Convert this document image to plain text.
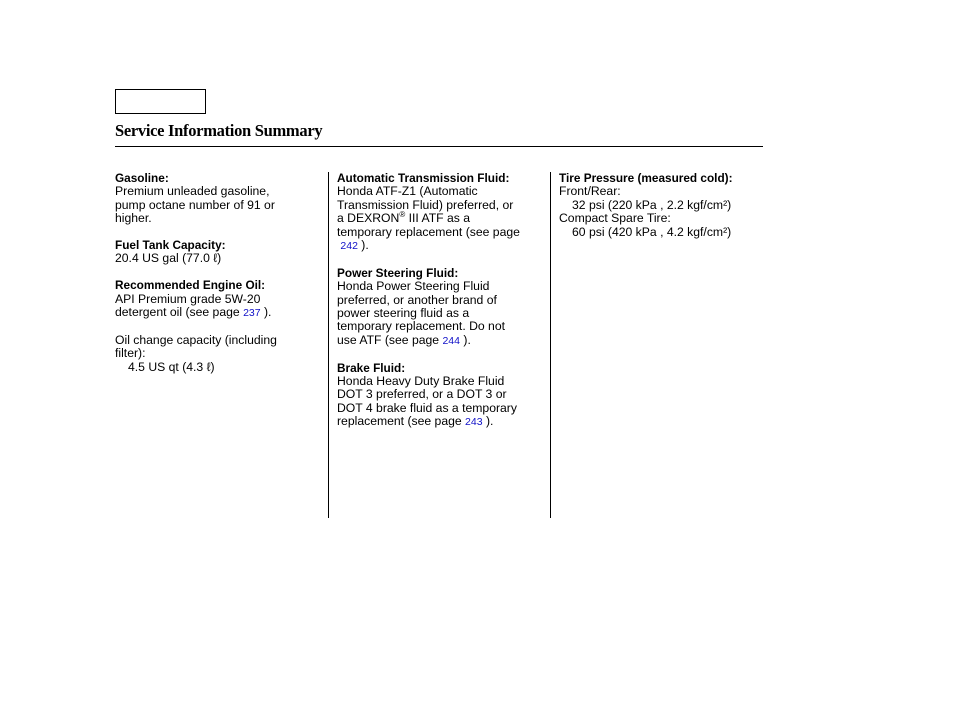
Service Information Summary
Gasoline:
Premium unleaded gasoline,
pump octane number of 91 or
higher.
Fuel Tank Capacity:
20.4 US gal (77.0 ℓ)
Recommended Engine Oil:
API Premium grade 5W-20
detergent oil (see page 237 ).
Oil change capacity (including
filter):
4.5 US qt (4.3 ℓ)
Automatic Transmission Fluid:
Honda ATF-Z1 (Automatic
Transmission Fluid) preferred, or
a DEXRON® III ATF as a
temporary replacement (see page
242 ).
Power Steering Fluid:
Honda Power Steering Fluid
preferred, or another brand of
power steering fluid as a
temporary replacement. Do not
use ATF (see page 244 ).
Brake Fluid:
Honda Heavy Duty Brake Fluid
DOT 3 preferred, or a DOT 3 or
DOT 4 brake fluid as a temporary
replacement (see page 243 ).
Tire Pressure (measured cold):
Front/Rear:
32 psi (220 kPa , 2.2 kgf/cm²)
Compact Spare Tire:
60 psi (420 kPa , 4.2 kgf/cm²)
